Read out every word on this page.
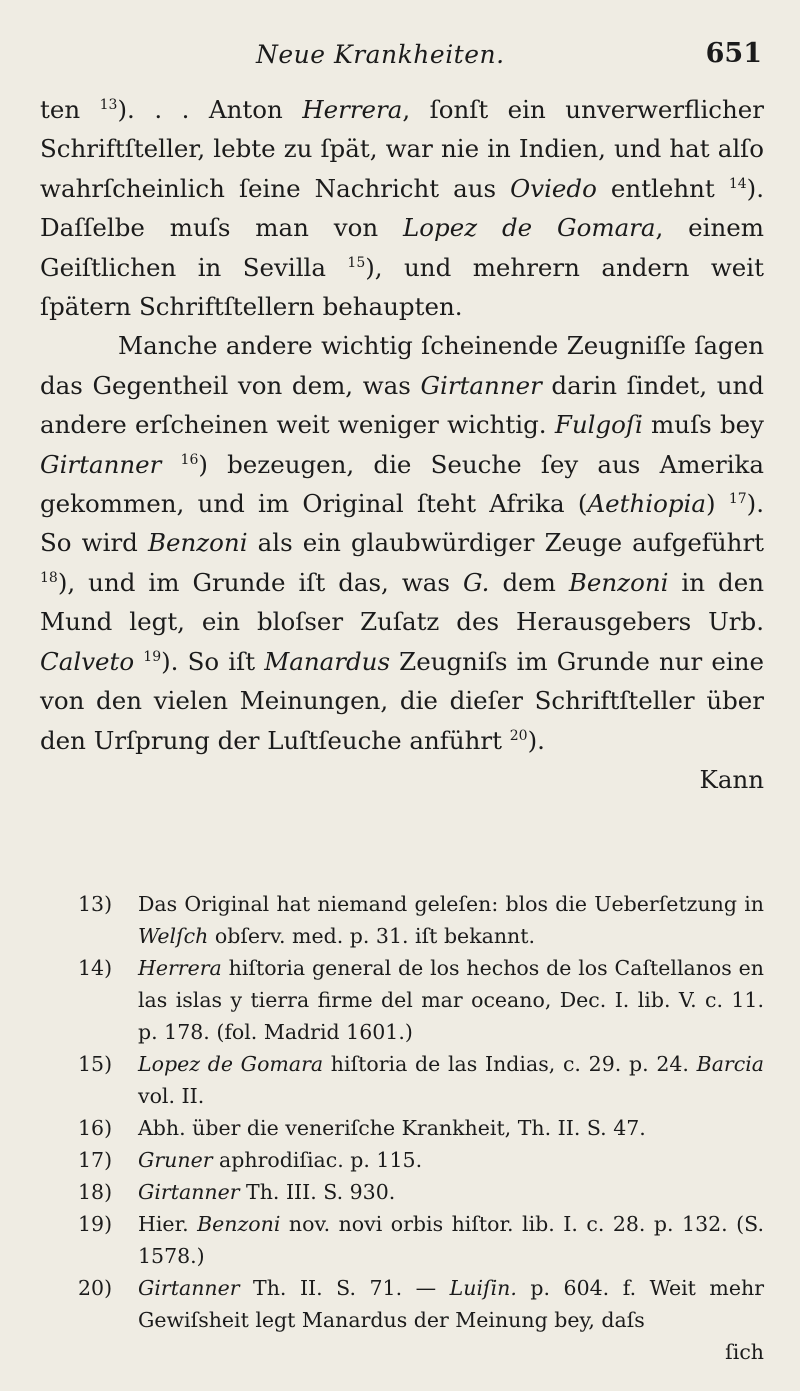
Neue Krankheiten.	651

ten $^{13}$). . . Anton Herrera, ſonſt ein unverwerflicher Schriftſteller, lebte zu ſpät, war nie in Indien, und hat alſo wahrſcheinlich ſeine Nachricht aus Oviedo entlehnt $^{14}$). Daſſelbe muſs man von Lopez de Gomara, einem Geiſtlichen in Sevilla $^{15}$), und mehrern andern weit ſpätern Schriftſtellern behaupten.

Manche andere wichtig ſcheinende Zeugniſſe ſagen das Gegentheil von dem, was Girtanner darin ſindet, und andere erſcheinen weit weniger wichtig. Fulgoſi muſs bey Girtanner $^{16}$) bezeugen, die Seuche ſey aus Amerika gekommen, und im Original ſteht Afrika (Aethiopia) $^{17}$). So wird Benzoni als ein glaubwürdiger Zeuge aufgeführt $^{18}$), und im Grunde iſt das, was G. dem Benzoni in den Mund legt, ein bloſser Zuſatz des Herausgebers Urb. Calveto $^{19}$). So iſt Manardus Zeugniſs im Grunde nur eine von den vielen Meinungen, die dieſer Schriftſteller über den Urſprung der Luſtſeuche anführt $^{20}$).

Kann
13)	Das Original hat niemand geleſen: blos die Ueberſetzung in Welſch obſerv. med. p. 31. iſt bekannt.
14)	Herrera hiſtoria general de los hechos de los Caſtellanos en las islas y tierra firme del mar oceano, Dec. I. lib. V. c. 11. p. 178. (fol. Madrid 1601.)
15)	Lopez de Gomara hiſtoria de las Indias, c. 29. p. 24. Barcia vol. II.
16)	Abh. über die veneriſche Krankheit, Th. II. S. 47.
17)	Gruner aphrodiſiac. p. 115.
18)	Girtanner Th. III. S. 930.
19)	Hier. Benzoni nov. novi orbis hiſtor. lib. I. c. 28. p. 132. (S. 1578.)
20)	Girtanner Th. II. S. 71. — Luiſin. p. 604. f. Weit mehr Gewiſsheit legt Manardus der Meinung bey, daſs
ſich
